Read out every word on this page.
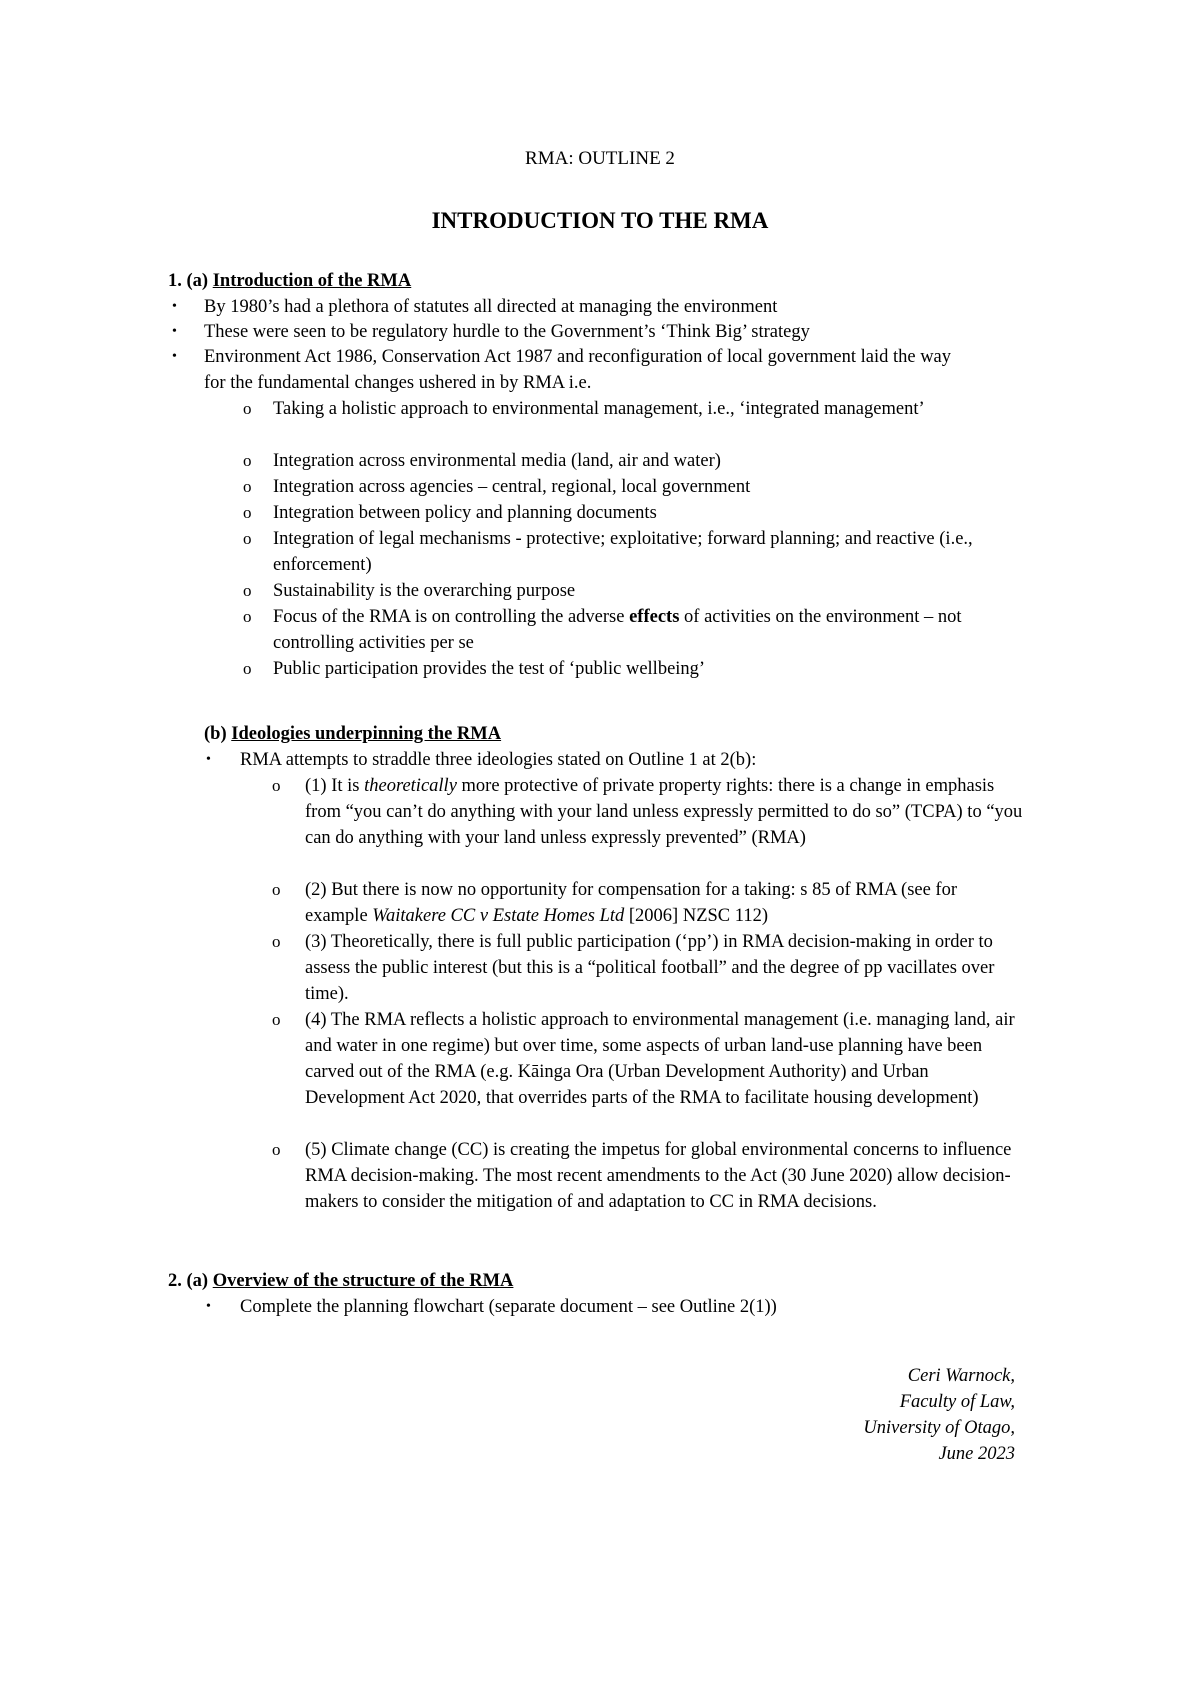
RMA: OUTLINE 2
INTRODUCTION TO THE RMA
1. (a) Introduction of the RMA
• By 1980’s had a plethora of statutes all directed at managing the environment
• These were seen to be regulatory hurdle to the Government’s ‘Think Big’ strategy
• Environment Act 1986, Conservation Act 1987 and reconfiguration of local government laid the way for the fundamental changes ushered in by RMA i.e.
o Taking a holistic approach to environmental management, i.e., ‘integrated management’
o Integration across environmental media (land, air and water)
o Integration across agencies – central, regional, local government
o Integration between policy and planning documents
o Integration of legal mechanisms - protective; exploitative; forward planning; and reactive (i.e., enforcement)
o Sustainability is the overarching purpose
o Focus of the RMA is on controlling the adverse effects of activities on the environment – not controlling activities per se
o Public participation provides the test of ‘public wellbeing’
(b) Ideologies underpinning the RMA
• RMA attempts to straddle three ideologies stated on Outline 1 at 2(b):
o (1) It is theoretically more protective of private property rights: there is a change in emphasis from “you can’t do anything with your land unless expressly permitted to do so” (TCPA) to “you can do anything with your land unless expressly prevented” (RMA)
o (2) But there is now no opportunity for compensation for a taking: s 85 of RMA (see for example Waitakere CC v Estate Homes Ltd [2006] NZSC 112)
o (3) Theoretically, there is full public participation (‘pp’) in RMA decision-making in order to assess the public interest (but this is a “political football” and the degree of pp vacillates over time).
o (4) The RMA reflects a holistic approach to environmental management (i.e. managing land, air and water in one regime) but over time, some aspects of urban land-use planning have been carved out of the RMA (e.g. Kāinga Ora (Urban Development Authority) and Urban Development Act 2020, that overrides parts of the RMA to facilitate housing development)
o (5) Climate change (CC) is creating the impetus for global environmental concerns to influence RMA decision-making. The most recent amendments to the Act (30 June 2020) allow decision-makers to consider the mitigation of and adaptation to CC in RMA decisions.
2. (a) Overview of the structure of the RMA
• Complete the planning flowchart (separate document – see Outline 2(1))
Ceri Warnock,
Faculty of Law,
University of Otago,
June 2023
